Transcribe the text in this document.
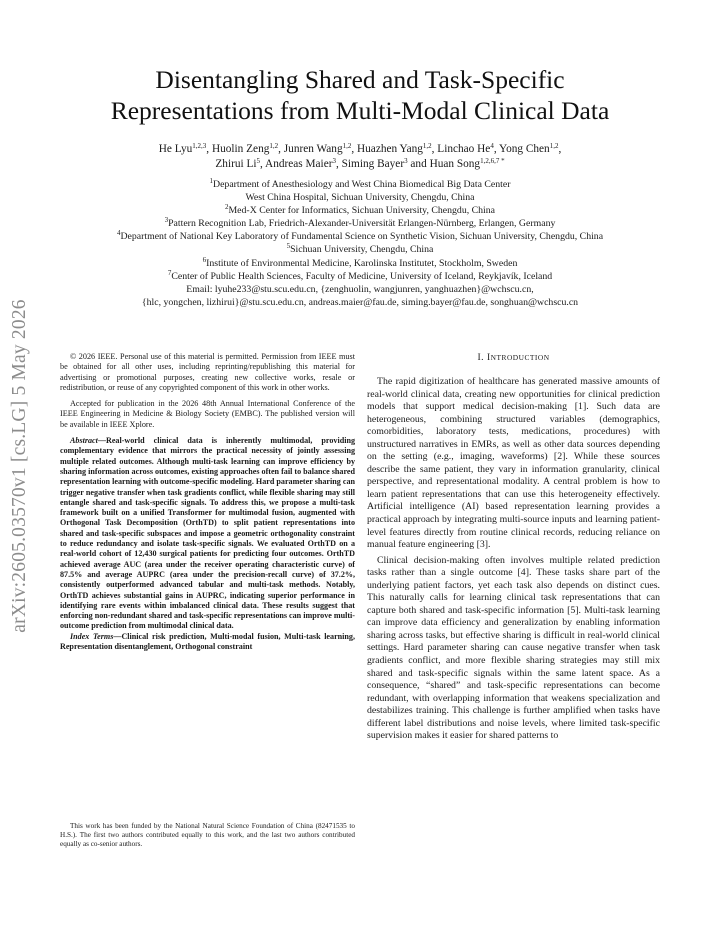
arXiv:2605.03570v1 [cs.LG] 5 May 2026
Disentangling Shared and Task-Specific
Representations from Multi-Modal Clinical Data
He Lyu$^{1,2,3}$, Huolin Zeng$^{1,2}$, Junren Wang$^{1,2}$, Huazhen Yang$^{1,2}$, Linchao He$^4$, Yong Chen$^{1,2}$,
Zhirui Li$^5$, Andreas Maier$^3$, Siming Bayer$^3$ and Huan Song$^{1,2,6,7 *}$
$^1$Department of Anesthesiology and West China Biomedical Big Data Center
West China Hospital, Sichuan University, Chengdu, China
$^2$Med-X Center for Informatics, Sichuan University, Chengdu, China
$^3$Pattern Recognition Lab, Friedrich-Alexander-Universität Erlangen-Nürnberg, Erlangen, Germany
$^4$Department of National Key Laboratory of Fundamental Science on Synthetic Vision, Sichuan University, Chengdu, China
$^5$Sichuan University, Chengdu, China
$^6$Institute of Environmental Medicine, Karolinska Institutet, Stockholm, Sweden
$^7$Center of Public Health Sciences, Faculty of Medicine, University of Iceland, Reykjavík, Iceland
Email: lyuhe233@stu.scu.edu.cn, {zenghuolin, wangjunren, yanghuazhen}@wchscu.cn,
{hlc, yongchen, lizhirui}@stu.scu.edu.cn, andreas.maier@fau.de, siming.bayer@fau.de, songhuan@wchscu.cn

© 2026 IEEE. Personal use of this material is permitted. Permission from IEEE must be obtained for all other uses, including reprinting/republishing this material for advertising or promotional purposes, creating new collective works, resale or redistribution, or reuse of any copyrighted component of this work in other works.

Accepted for publication in the 2026 48th Annual International Conference of the IEEE Engineering in Medicine & Biology Society (EMBC). The published version will be available in IEEE Xplore.

Abstract—Real-world clinical data is inherently multimodal, providing complementary evidence that mirrors the practical necessity of jointly assessing multiple related outcomes. Although multi-task learning can improve efficiency by sharing information across outcomes, existing approaches often fail to balance shared representation learning with outcome-specific modeling. Hard parameter sharing can trigger negative transfer when task gradients conflict, while flexible sharing may still entangle shared and task-specific signals. To address this, we propose a multi-task framework built on a unified Transformer for multimodal fusion, augmented with Orthogonal Task Decomposition (OrthTD) to split patient representations into shared and task-specific subspaces and impose a geometric orthogonality constraint to reduce redundancy and isolate task-specific signals. We evaluated OrthTD on a real-world cohort of 12,430 surgical patients for predicting four outcomes. OrthTD achieved average AUC (area under the receiver operating characteristic curve) of 87.5% and average AUPRC (area under the precision-recall curve) of 37.2%, consistently outperformed advanced tabular and multi-task methods. Notably, OrthTD achieves substantial gains in AUPRC, indicating superior performance in identifying rare events within imbalanced clinical data. These results suggest that enforcing non-redundant shared and task-specific representations can improve multi-outcome prediction from multimodal clinical data.

Index Terms—Clinical risk prediction, Multi-modal fusion, Multi-task learning, Representation disentanglement, Orthogonal constraint

This work has been funded by the National Natural Science Foundation of China (82471535 to H.S.). The first two authors contributed equally to this work, and the last two authors contributed equally as co-senior authors.
I. INTRODUCTION

The rapid digitization of healthcare has generated massive amounts of real-world clinical data, creating new opportunities for clinical prediction models that support medical decision-making [1]. Such data are heterogeneous, combining structured variables (demographics, comorbidities, laboratory tests, medications, procedures) with unstructured narratives in EMRs, as well as other data sources depending on the setting (e.g., imaging, waveforms) [2]. While these sources describe the same patient, they vary in information granularity, clinical perspective, and representational modality. A central problem is how to learn patient representations that can use this heterogeneity effectively. Artificial intelligence (AI) based representation learning provides a practical approach by integrating multi-source inputs and learning patient-level features directly from routine clinical records, reducing reliance on manual feature engineering [3].

Clinical decision-making often involves multiple related prediction tasks rather than a single outcome [4]. These tasks share part of the underlying patient factors, yet each task also depends on distinct cues. This naturally calls for learning clinical task representations that can capture both shared and task-specific information [5]. Multi-task learning can improve data efficiency and generalization by enabling information sharing across tasks, but effective sharing is difficult in real-world clinical settings. Hard parameter sharing can cause negative transfer when task gradients conflict, and more flexible sharing strategies may still mix shared and task-specific signals within the same latent space. As a consequence, “shared” and task-specific representations can become redundant, with overlapping information that weakens specialization and destabilizes training. This challenge is further amplified when tasks have different label distributions and noise levels, where limited task-specific supervision makes it easier for shared patterns to
